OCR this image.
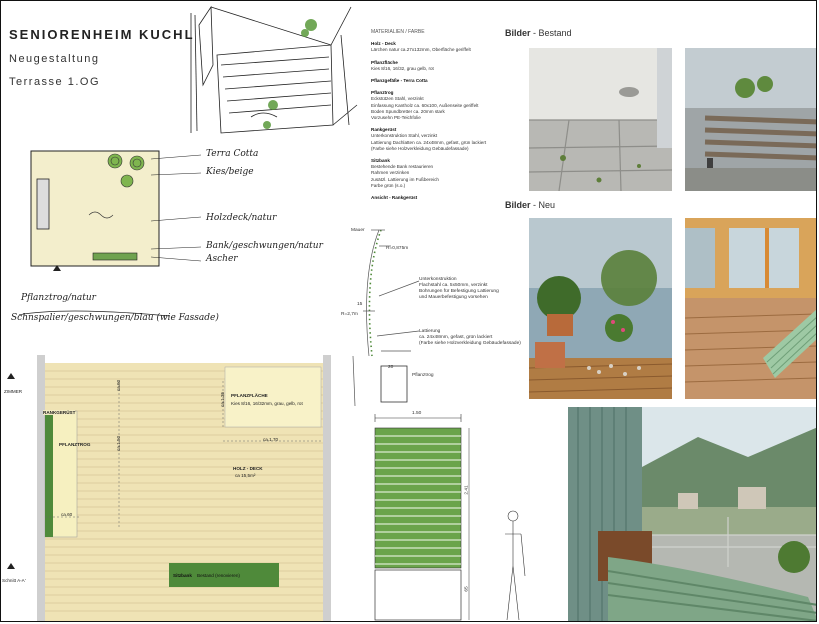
SENIORENHEIM KUCHL
Neugestaltung
Terrasse 1.OG
Terra Cotta
Kies/beige
Holzdeck/natur
Bank/geschwungen/natur
Ascher
Pflanztrog/natur
Schnspalier/geschwungen/blau (wie Fassade)
ZIMMER
RANKGERÜST
PFLANZTROG
PFLANZFLÄCHE
Kies 8/16, 16/32mm, grau, gelb, rot
HOLZ - DECK
ca 15,5m²
Sitzbank Bestand (renovieren)
ca.60
ca.1.35
ca.1.50	ca.1.70
ca.60
Schnitt A-A'
MATERIALIEN / FARBE
Holz - Deck
Lärchen natur ca.27x132mm, Oberfläche geriffelt
Pflanzfläche
Kies 8/16, 16/32, grau gelb, rot
Pflanzgefäße - Terra Cotta
Pflanztrog
Eckstützen Stahl, verzinkt
Einfassung Kantholz ca. 60x100, Außenseite geriffelt
Boden Spundbretter ca. 20mm stark
Vorzusehn PE-Teichfolie
Rankgerüst
Unterkonstruktion Stahl, verzinkt
Lattierung Dachlatten ca. 24x48mm, gefast, grün lackiert
(Farbe siehe Holzverkleidung Gebäudefassade)
Sitzbank
Bestehende Bank restaurieren
Rahmen verzinken
zusätzl. Lattierung im Fußbereich
Farbe grün (s.o.)
Ansicht - Rankgerüst
Mauer
R=0,875m
15
R=2,7m
20
Pflanztrog
Unterkonstruktion
Flachstahl ca. 5x50mm, verzinkt
Bohrungen für Befestigung Lattierung
und Mauerbefestigung vorsehen
Lattierung
ca. 24x48mm, gefast, grün lackiert
(Farbe siehe Holzverkleidung Gebäudefassade)
1.50
2.41
65
Bilder - Bestand
Bilder - Neu
